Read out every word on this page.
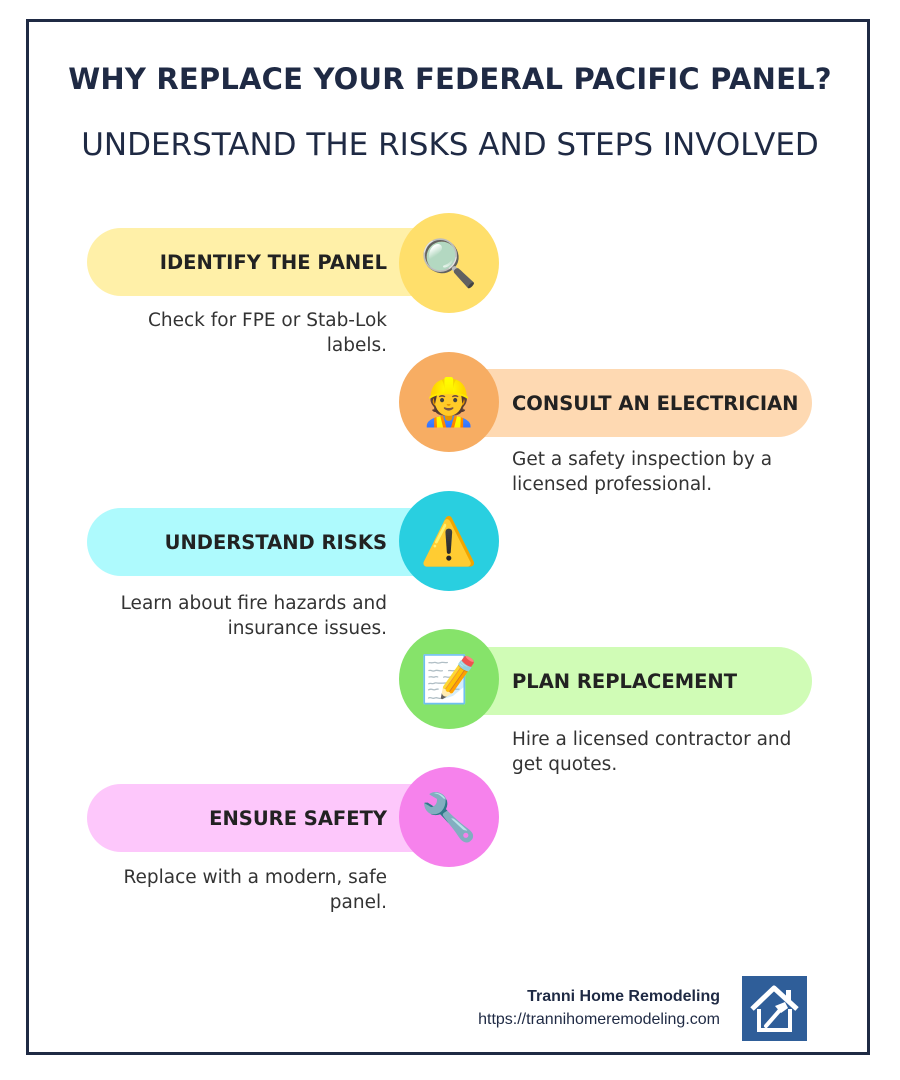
WHY REPLACE YOUR FEDERAL PACIFIC PANEL?
UNDERSTAND THE RISKS AND STEPS INVOLVED
IDENTIFY THE PANEL 🔍
Check for FPE or Stab-Lok
labels.
CONSULT AN ELECTRICIAN
👷
Get a safety inspection by a
licensed professional.
UNDERSTAND RISKS ⚠️
Learn about fire hazards and
insurance issues.
PLAN REPLACEMENT
📝
Hire a licensed contractor and
get quotes.
ENSURE SAFETY 🔧
Replace with a modern, safe
panel.
Tranni Home Remodeling
https://trannihomeremodeling.com
